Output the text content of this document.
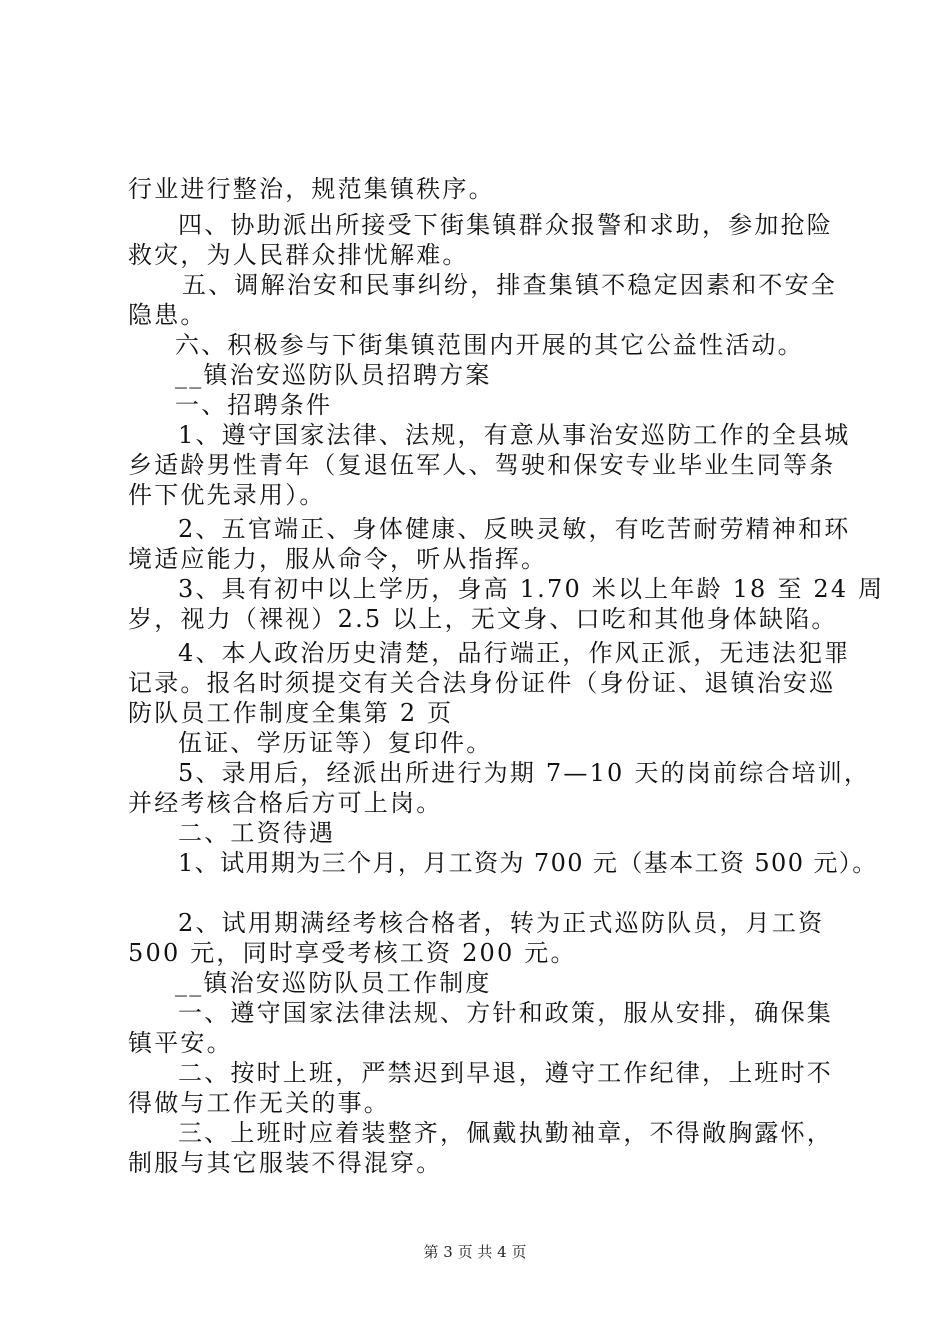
行业进行整治，规范集镇秩序。
四、协助派出所接受下街集镇群众报警和求助，参加抢险
救灾，为人民群众排忧解难。
五、调解治安和民事纠纷，排查集镇不稳定因素和不安全
隐患。
六、积极参与下街集镇范围内开展的其它公益性活动。
__镇治安巡防队员招聘方案
一、招聘条件
1、遵守国家法律、法规，有意从事治安巡防工作的全县城
乡适龄男性青年（复退伍军人、驾驶和保安专业毕业生同等条
件下优先录用）。
2、五官端正、身体健康、反映灵敏，有吃苦耐劳精神和环
境适应能力，服从命令，听从指挥。
3、具有初中以上学历，身高 1.70 米以上年龄 18 至 24 周
岁，视力（裸视）2.5 以上，无文身、口吃和其他身体缺陷。
4、本人政治历史清楚，品行端正，作风正派，无违法犯罪
记录。报名时须提交有关合法身份证件（身份证、退镇治安巡
防队员工作制度全集第 2 页
伍证、学历证等）复印件。
5、录用后，经派出所进行为期 7—10 天的岗前综合培训，
并经考核合格后方可上岗。
二、工资待遇
1、试用期为三个月，月工资为 700 元（基本工资 500 元）。
2、试用期满经考核合格者，转为正式巡防队员，月工资
500 元，同时享受考核工资 200 元。
__镇治安巡防队员工作制度
一、遵守国家法律法规、方针和政策，服从安排，确保集
镇平安。
二、按时上班，严禁迟到早退，遵守工作纪律，上班时不
得做与工作无关的事。
三、上班时应着装整齐，佩戴执勤袖章，不得敞胸露怀，
制服与其它服装不得混穿。
第 3 页 共 4 页
